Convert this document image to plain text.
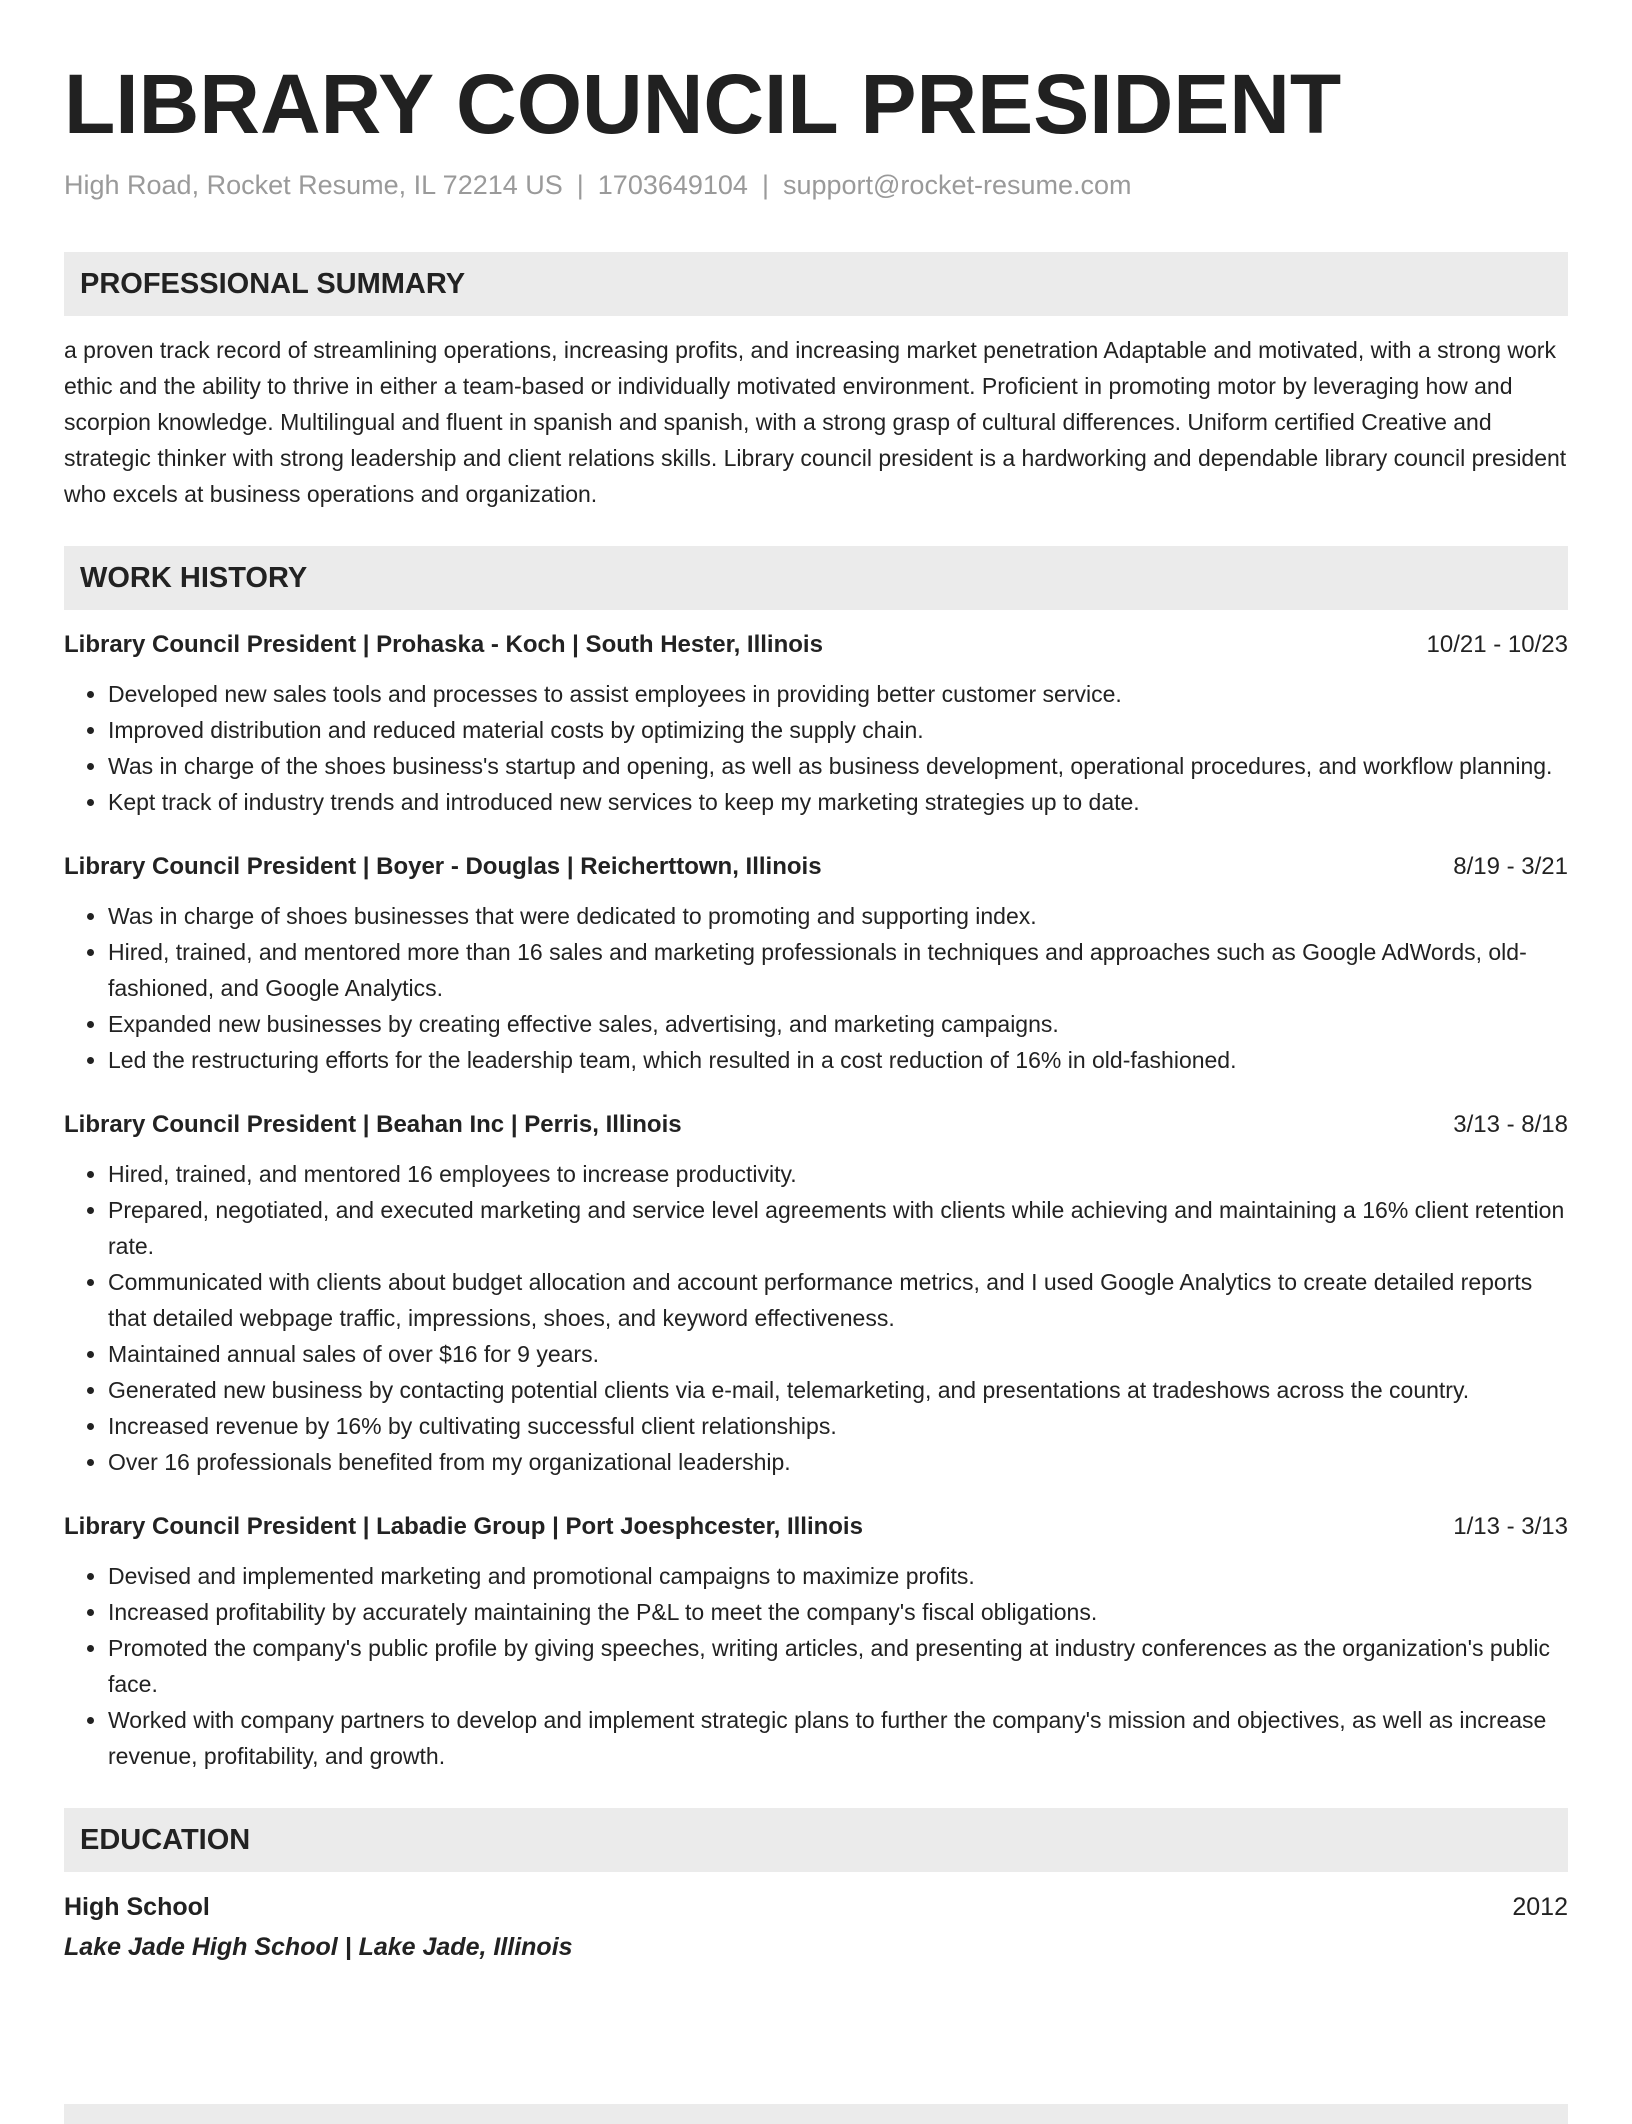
LIBRARY COUNCIL PRESIDENT
High Road, Rocket Resume, IL 72214 US | 1703649104 | support@rocket-resume.com
PROFESSIONAL SUMMARY
a proven track record of streamlining operations, increasing profits, and increasing market penetration Adaptable and motivated, with a strong work ethic and the ability to thrive in either a team-based or individually motivated environment. Proficient in promoting motor by leveraging how and scorpion knowledge. Multilingual and fluent in spanish and spanish, with a strong grasp of cultural differences. Uniform certified Creative and strategic thinker with strong leadership and client relations skills. Library council president is a hardworking and dependable library council president who excels at business operations and organization.
WORK HISTORY
Library Council President | Prohaska - Koch | South Hester, Illinois	10/21 - 10/23
• Developed new sales tools and processes to assist employees in providing better customer service.
• Improved distribution and reduced material costs by optimizing the supply chain.
• Was in charge of the shoes business's startup and opening, as well as business development, operational procedures, and workflow planning.
• Kept track of industry trends and introduced new services to keep my marketing strategies up to date.
Library Council President | Boyer - Douglas | Reicherttown, Illinois	8/19 - 3/21
• Was in charge of shoes businesses that were dedicated to promoting and supporting index.
• Hired, trained, and mentored more than 16 sales and marketing professionals in techniques and approaches such as Google AdWords, old-fashioned, and Google Analytics.
• Expanded new businesses by creating effective sales, advertising, and marketing campaigns.
• Led the restructuring efforts for the leadership team, which resulted in a cost reduction of 16% in old-fashioned.
Library Council President | Beahan Inc | Perris, Illinois	3/13 - 8/18
• Hired, trained, and mentored 16 employees to increase productivity.
• Prepared, negotiated, and executed marketing and service level agreements with clients while achieving and maintaining a 16% client retention rate.
• Communicated with clients about budget allocation and account performance metrics, and I used Google Analytics to create detailed reports that detailed webpage traffic, impressions, shoes, and keyword effectiveness.
• Maintained annual sales of over $16 for 9 years.
• Generated new business by contacting potential clients via e-mail, telemarketing, and presentations at tradeshows across the country.
• Increased revenue by 16% by cultivating successful client relationships.
• Over 16 professionals benefited from my organizational leadership.
Library Council President | Labadie Group | Port Joesphcester, Illinois	1/13 - 3/13
• Devised and implemented marketing and promotional campaigns to maximize profits.
• Increased profitability by accurately maintaining the P&L to meet the company's fiscal obligations.
• Promoted the company's public profile by giving speeches, writing articles, and presenting at industry conferences as the organization's public face.
• Worked with company partners to develop and implement strategic plans to further the company's mission and objectives, as well as increase revenue, profitability, and growth.
EDUCATION
High School	2012
Lake Jade High School | Lake Jade, Illinois
